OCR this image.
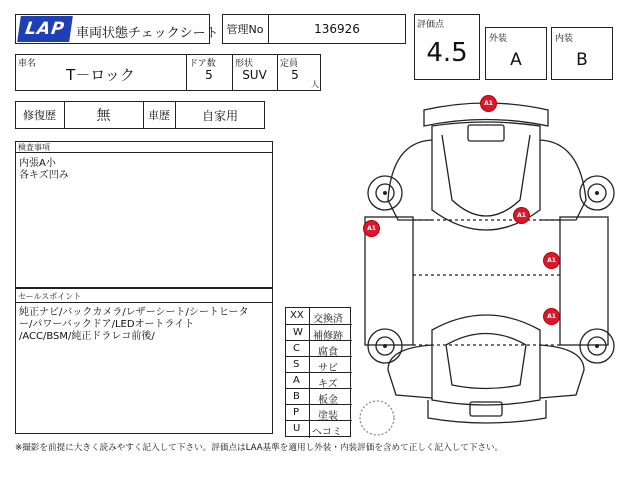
LAP 車両状態チェックシート 管理No	136926	評価点
4.5	外装
A
内装
B
車名
T－ロック
ドア数
5
形状
SUV
定員
5
人
修復歴	無	車歴	自家用
検査事項
内張A小
各キズ凹み
セールスポイント
純正ナビ/バックカメラ/レザーシート/シートヒータ
ー/パワーバックドア/LEDオートライト
/ACC/BSM/純正ドラレコ前後/
XX 交換済
W 補修跡
C 腐食
S サビ
A キズ
B 板金
P 塗装
U ヘコミ
A1
A1
A1
A1
A1
※撮影を前提に大きく読みやすく記入して下さい。評価点はLAA基準を適用し外装・内装評価を含めて正しく記入して下さい。
